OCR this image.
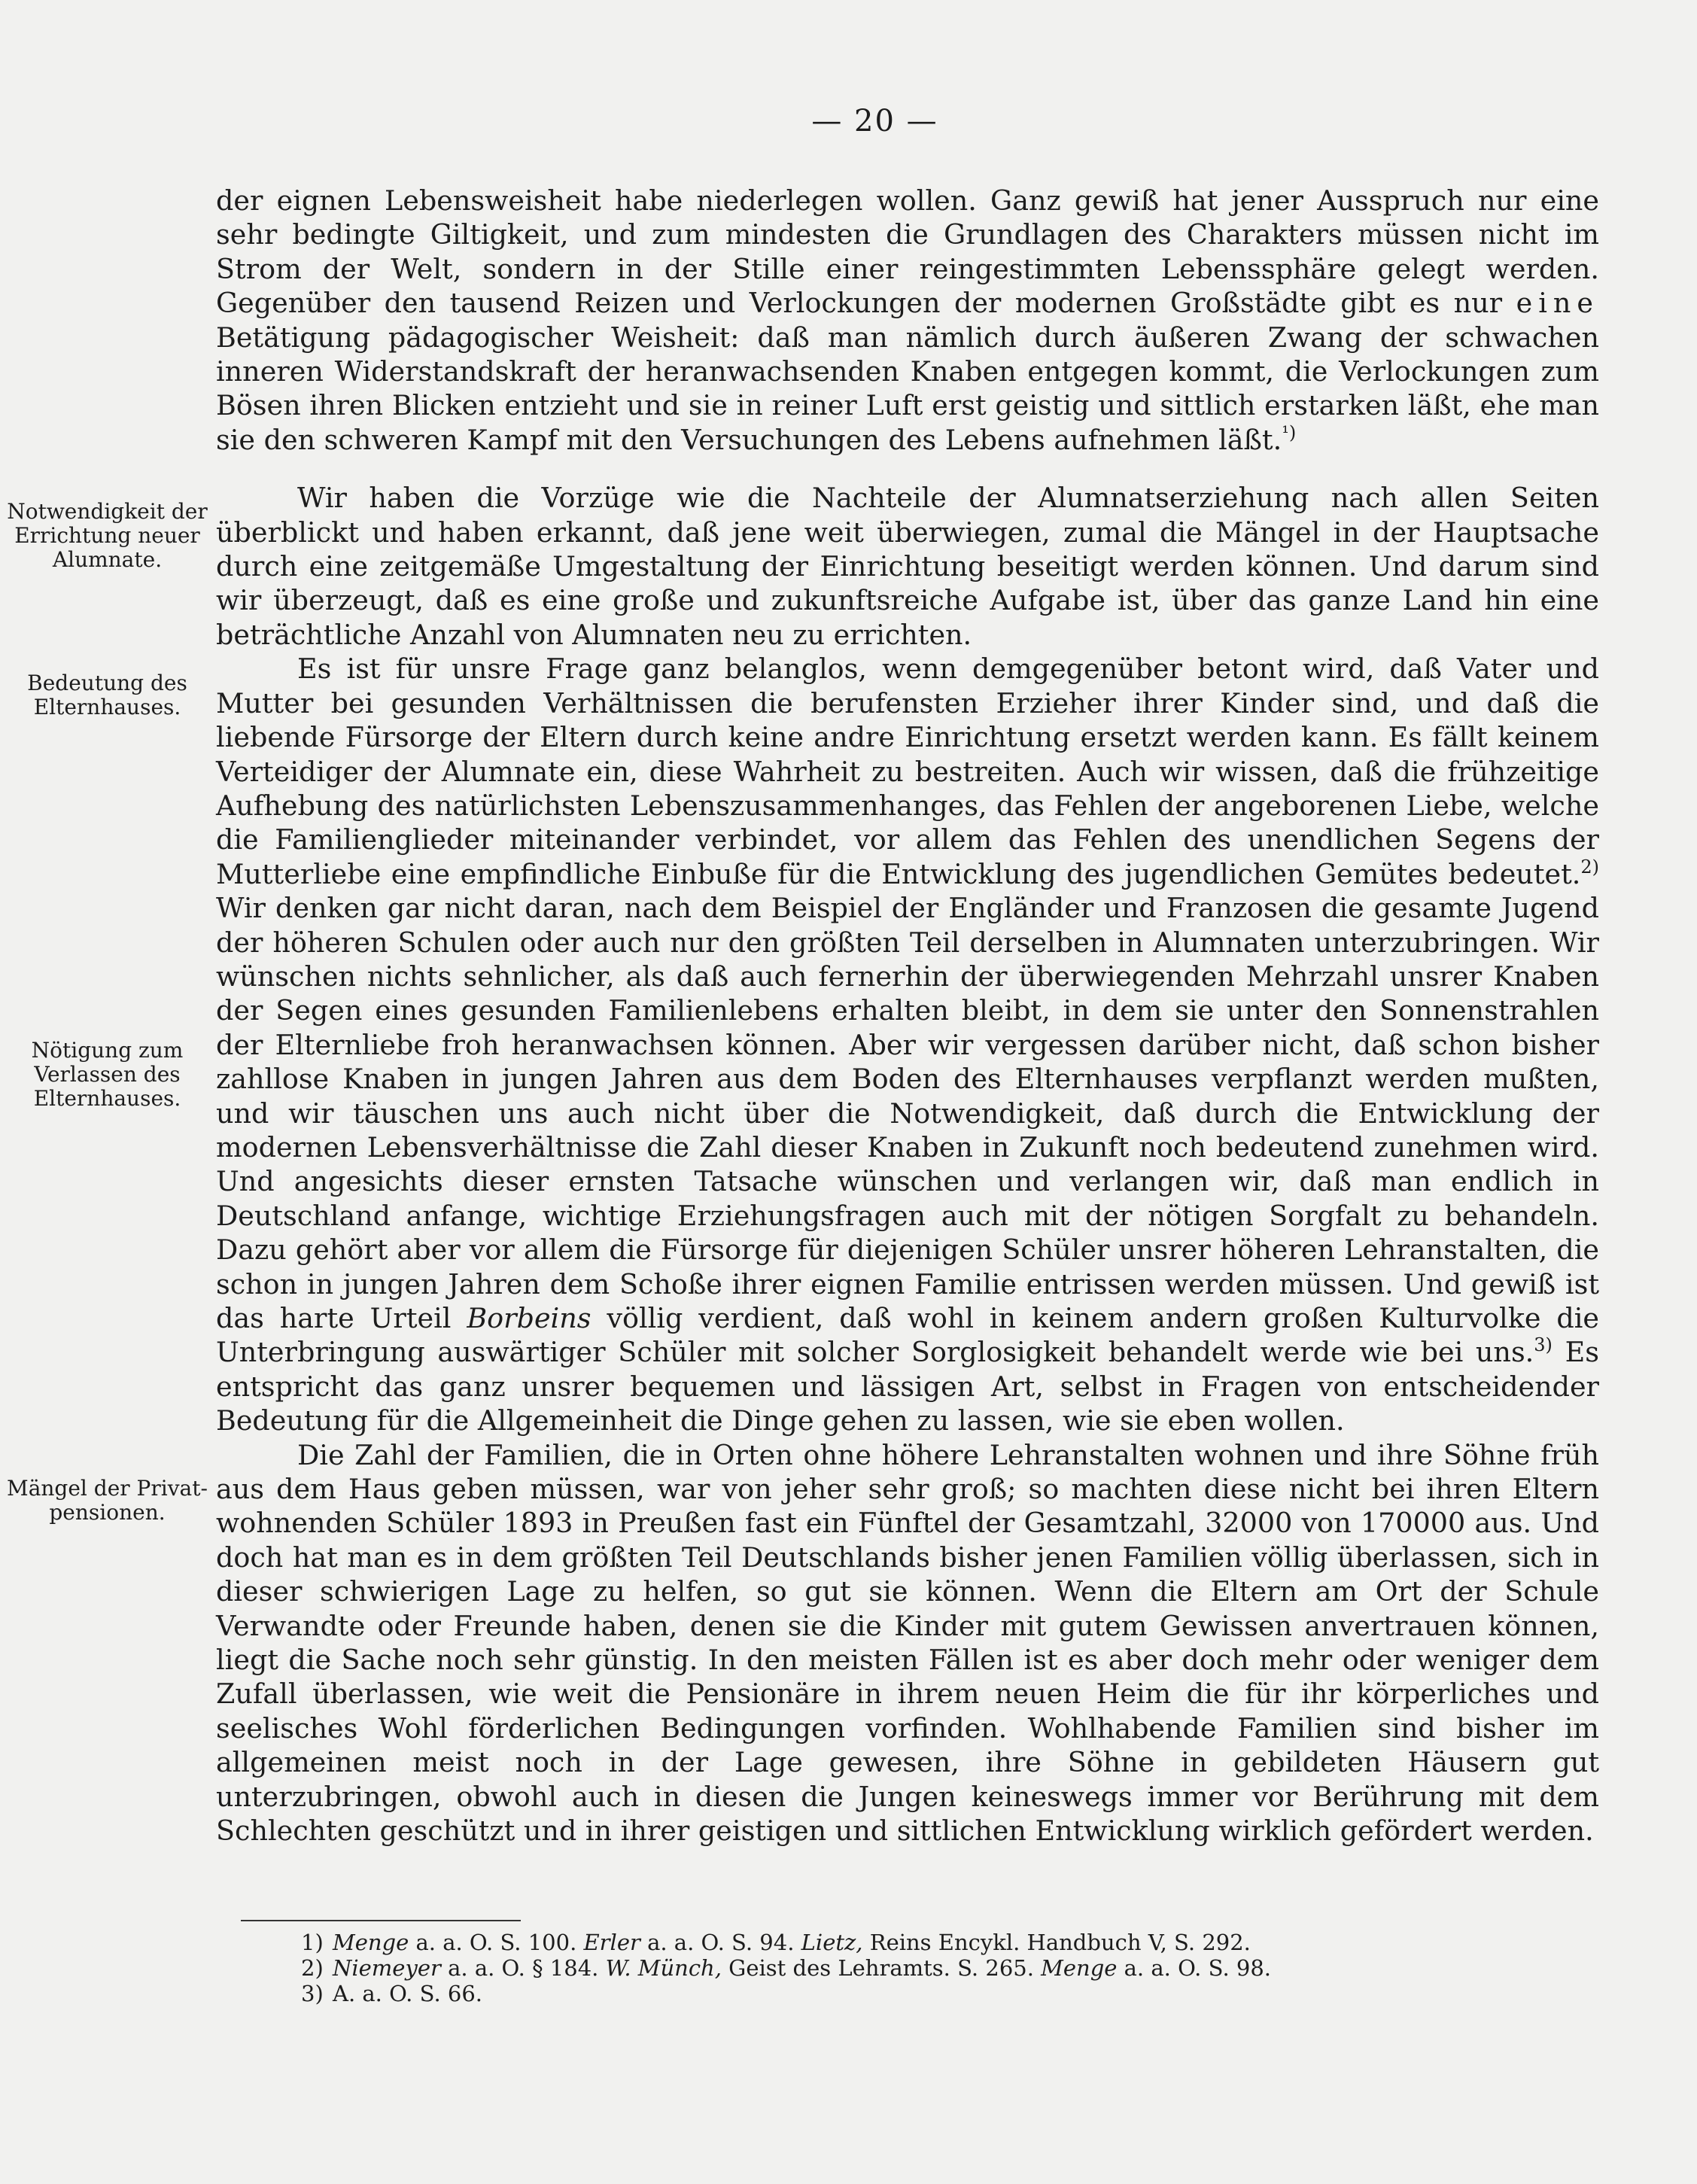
— 20 —
Notwendigkeit der Errichtung neuer Alumnate.
Bedeutung des Elternhauses.
Nötigung zum Verlassen des Elternhauses.
Mängel der Privat-pensionen.

der eignen Lebensweisheit habe niederlegen wollen. Ganz gewiß hat jener Ausspruch nur eine sehr bedingte Giltigkeit, und zum mindesten die Grundlagen des Charakters müssen nicht im Strom der Welt, sondern in der Stille einer reingestimmten Lebenssphäre gelegt werden. Gegenüber den tausend Reizen und Verlockungen der modernen Großstädte gibt es nur eine Betätigung pädagogischer Weisheit: daß man nämlich durch äußeren Zwang der schwachen inneren Widerstandskraft der heranwachsenden Knaben entgegen kommt, die Verlockungen zum Bösen ihren Blicken entzieht und sie in reiner Luft erst geistig und sittlich erstarken läßt, ehe man sie den schweren Kampf mit den Versuchungen des Lebens aufnehmen läßt.$^{^1)}$

Wir haben die Vorzüge wie die Nachteile der Alumnatserziehung nach allen Seiten überblickt und haben erkannt, daß jene weit überwiegen, zumal die Mängel in der Hauptsache durch eine zeitgemäße Umgestaltung der Einrichtung beseitigt werden können. Und darum sind wir überzeugt, daß es eine große und zukunftsreiche Aufgabe ist, über das ganze Land hin eine beträchtliche Anzahl von Alumnaten neu zu errichten.

Es ist für unsre Frage ganz belanglos, wenn demgegenüber betont wird, daß Vater und Mutter bei gesunden Verhältnissen die berufensten Erzieher ihrer Kinder sind, und daß die liebende Fürsorge der Eltern durch keine andre Einrichtung ersetzt werden kann. Es fällt keinem Verteidiger der Alumnate ein, diese Wahrheit zu bestreiten. Auch wir wissen, daß die frühzeitige Aufhebung des natürlichsten Lebenszusammenhanges, das Fehlen der angeborenen Liebe, welche die Familienglieder miteinander verbindet, vor allem das Fehlen des unendlichen Segens der Mutterliebe eine empfindliche Einbuße für die Entwicklung des jugendlichen Gemütes bedeutet.$^{2)}$ Wir denken gar nicht daran, nach dem Beispiel der Engländer und Franzosen die gesamte Jugend der höheren Schulen oder auch nur den größten Teil derselben in Alumnaten unterzubringen. Wir wünschen nichts sehnlicher, als daß auch fernerhin der überwiegenden Mehrzahl unsrer Knaben der Segen eines gesunden Familienlebens erhalten bleibt, in dem sie unter den Sonnenstrahlen der Elternliebe froh heranwachsen können. Aber wir vergessen darüber nicht, daß schon bisher zahllose Knaben in jungen Jahren aus dem Boden des Elternhauses verpflanzt werden mußten, und wir täuschen uns auch nicht über die Notwendigkeit, daß durch die Entwicklung der modernen Lebensverhältnisse die Zahl dieser Knaben in Zukunft noch bedeutend zunehmen wird. Und angesichts dieser ernsten Tatsache wünschen und verlangen wir, daß man endlich in Deutschland anfange, wichtige Erziehungsfragen auch mit der nötigen Sorgfalt zu behandeln. Dazu gehört aber vor allem die Fürsorge für diejenigen Schüler unsrer höheren Lehranstalten, die schon in jungen Jahren dem Schoße ihrer eignen Familie entrissen werden müssen. Und gewiß ist das harte Urteil Borbeins völlig verdient, daß wohl in keinem andern großen Kulturvolke die Unterbringung auswärtiger Schüler mit solcher Sorglosigkeit behandelt werde wie bei uns.$^{3)}$ Es entspricht das ganz unsrer bequemen und lässigen Art, selbst in Fragen von entscheidender Bedeutung für die Allgemeinheit die Dinge gehen zu lassen, wie sie eben wollen.

Die Zahl der Familien, die in Orten ohne höhere Lehranstalten wohnen und ihre Söhne früh aus dem Haus geben müssen, war von jeher sehr groß; so machten diese nicht bei ihren Eltern wohnenden Schüler 1893 in Preußen fast ein Fünftel der Gesamtzahl, 32000 von 170000 aus. Und doch hat man es in dem größten Teil Deutschlands bisher jenen Familien völlig überlassen, sich in dieser schwierigen Lage zu helfen, so gut sie können. Wenn die Eltern am Ort der Schule Verwandte oder Freunde haben, denen sie die Kinder mit gutem Gewissen anvertrauen können, liegt die Sache noch sehr günstig. In den meisten Fällen ist es aber doch mehr oder weniger dem Zufall überlassen, wie weit die Pensionäre in ihrem neuen Heim die für ihr körperliches und seelisches Wohl förderlichen Bedingungen vorfinden. Wohlhabende Familien sind bisher im allgemeinen meist noch in der Lage gewesen, ihre Söhne in gebildeten Häusern gut unterzubringen, obwohl auch in diesen die Jungen keineswegs immer vor Berührung mit dem Schlechten geschützt und in ihrer geistigen und sittlichen Entwicklung wirklich gefördert werden.

1) Menge a. a. O. S. 100. Erler a. a. O. S. 94. Lietz, Reins Encykl. Handbuch V, S. 292.
2) Niemeyer a. a. O. § 184. W. Münch, Geist des Lehramts. S. 265. Menge a. a. O. S. 98.
3) A. a. O. S. 66.
